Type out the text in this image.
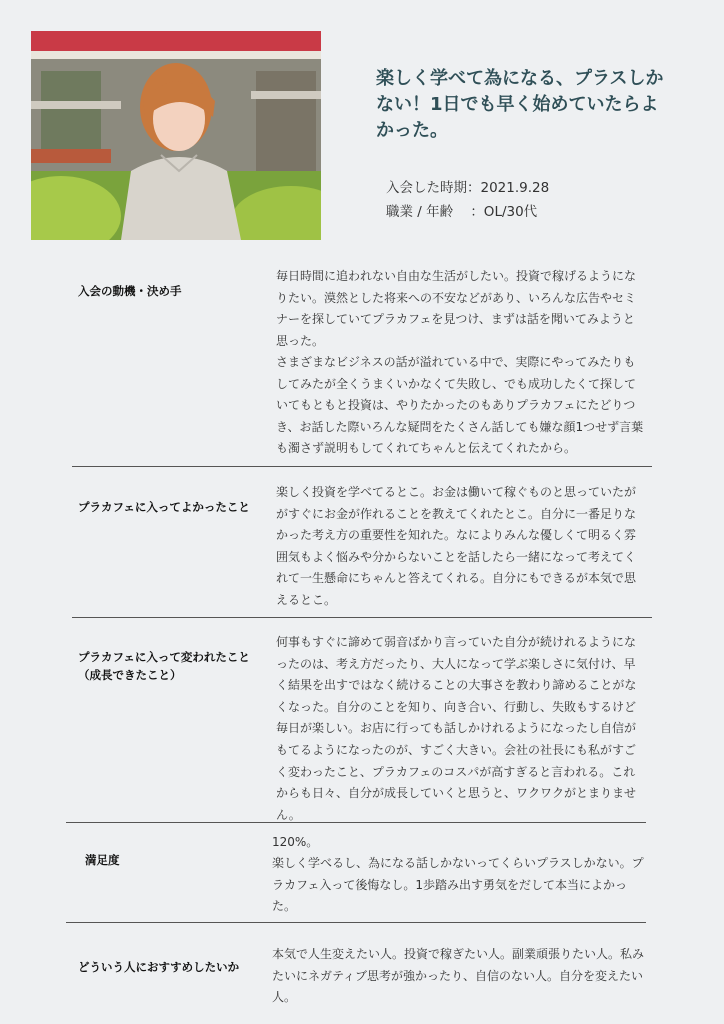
楽しく学べて為になる、プラスしかない！1日でも早く始めていたらよかった。
入会した時期：2021.9.28
職業 / 年齢 ：OL/30代
入会の動機・決め手

毎日時間に追われない自由な生活がしたい。投資で稼げるようになりたい。漠然とした将来への不安などがあり、いろんな広告やセミナーを探していてプラカフェを見つけ、まずは話を聞いてみようと思った。

さまざまなビジネスの話が溢れている中で、実際にやってみたりもしてみたが全くうまくいかなくて失敗し、でも成功したくて探していてもともと投資は、やりたかったのもありプラカフェにたどりつき、お話した際いろんな疑問をたくさん話しても嫌な顔1つせず言葉も濁さず説明もしてくれてちゃんと伝えてくれたから。

プラカフェに入ってよかったこと

楽しく投資を学べてるとこ。お金は働いて稼ぐものと思っていたががすぐにお金が作れることを教えてくれたとこ。自分に一番足りなかった考え方の重要性を知れた。なによりみんな優しくて明るく雰囲気もよく悩みや分からないことを話したら一緒になって考えてくれて一生懸命にちゃんと答えてくれる。自分にもできるが本気で思えるとこ。

プラカフェに入って変われたこと
（成長できたこと）

何事もすぐに諦めて弱音ばかり言っていた自分が続けれるようになったのは、考え方だったり、大人になって学ぶ楽しさに気付け、早く結果を出すではなく続けることの大事さを教わり諦めることがなくなった。自分のことを知り、向き合い、行動し、失敗もするけど毎日が楽しい。お店に行っても話しかけれるようになったし自信がもてるようになったのが、すごく大きい。会社の社長にも私がすごく変わったこと、プラカフェのコスパが高すぎると言われる。これからも日々、自分が成長していくと思うと、ワクワクがとまりません。

満足度

120%。

楽しく学べるし、為になる話しかないってくらいプラスしかない。プラカフェ入って後悔なし。1歩踏み出す勇気をだして本当によかった。

どういう人におすすめしたいか

本気で人生変えたい人。投資で稼ぎたい人。副業頑張りたい人。私みたいにネガティブ思考が強かったり、自信のない人。自分を変えたい人。
